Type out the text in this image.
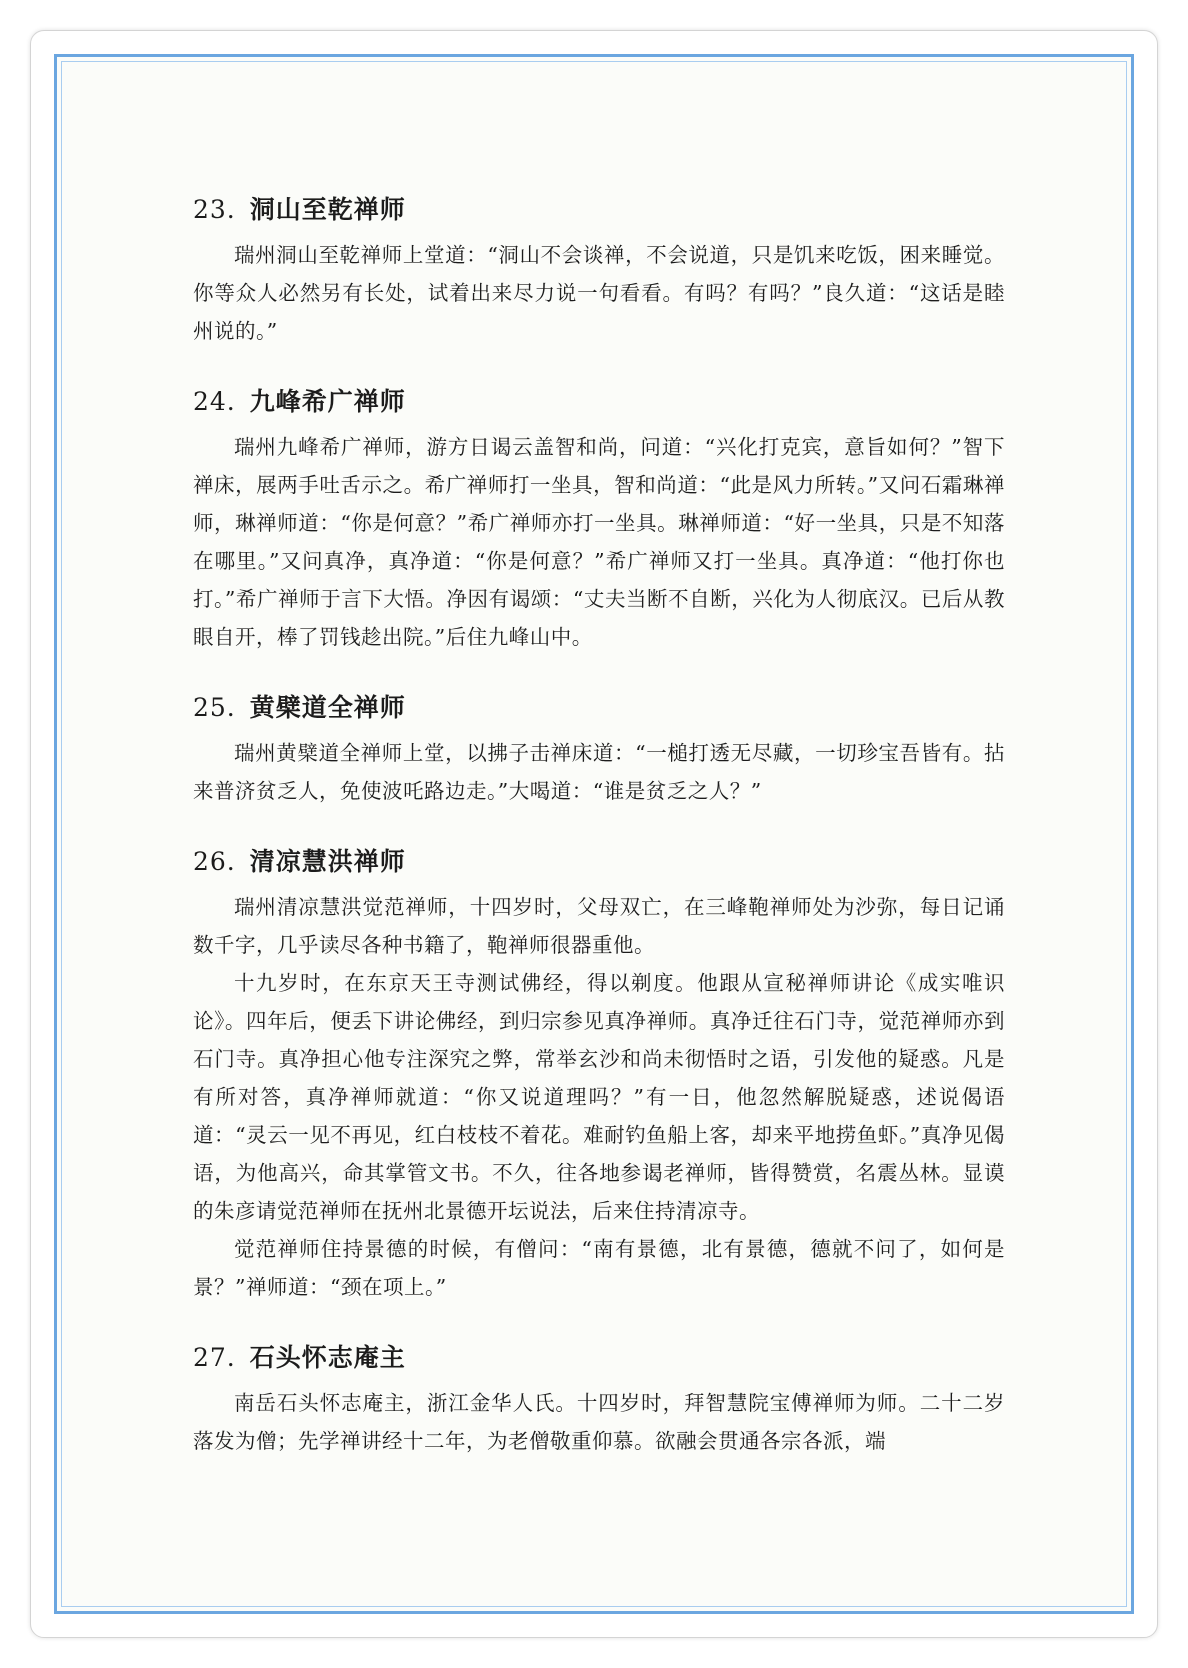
23. 洞山至乾禅师

瑞州洞山至乾禅师上堂道：“洞山不会谈禅，不会说道，只是饥来吃饭，困来睡觉。你等众人必然另有长处，试着出来尽力说一句看看。有吗？有吗？”良久道：“这话是睦州说的。”

24. 九峰希广禅师

瑞州九峰希广禅师，游方日谒云盖智和尚，问道：“兴化打克宾，意旨如何？”智下禅床，展两手吐舌示之。希广禅师打一坐具，智和尚道：“此是风力所转。”又问石霜琳禅师，琳禅师道：“你是何意？”希广禅师亦打一坐具。琳禅师道：“好一坐具，只是不知落在哪里。”又问真净，真净道：“你是何意？”希广禅师又打一坐具。真净道：“他打你也打。”希广禅师于言下大悟。净因有谒颂：“丈夫当断不自断，兴化为人彻底汉。已后从教眼自开，棒了罚钱趁出院。”后住九峰山中。

25. 黄檗道全禅师

瑞州黄檗道全禅师上堂，以拂子击禅床道：“一槌打透无尽藏，一切珍宝吾皆有。拈来普济贫乏人，免使波吒路边走。”大喝道：“谁是贫乏之人？”

26. 清凉慧洪禅师

瑞州清凉慧洪觉范禅师，十四岁时，父母双亡，在三峰鞄禅师处为沙弥，每日记诵数千字，几乎读尽各种书籍了，鞄禅师很器重他。

十九岁时，在东京天王寺测试佛经，得以剃度。他跟从宣秘禅师讲论《成实唯识论》。四年后，便丢下讲论佛经，到归宗参见真净禅师。真净迁往石门寺，觉范禅师亦到石门寺。真净担心他专注深究之弊，常举玄沙和尚未彻悟时之语，引发他的疑惑。凡是有所对答，真净禅师就道：“你又说道理吗？”有一日，他忽然解脱疑惑，述说偈语道：“灵云一见不再见，红白枝枝不着花。难耐钓鱼船上客，却来平地捞鱼虾。”真净见偈语，为他高兴，命其掌管文书。不久，往各地参谒老禅师，皆得赞赏，名震丛林。显谟的朱彦请觉范禅师在抚州北景德开坛说法，后来住持清凉寺。

觉范禅师住持景德的时候，有僧问：“南有景德，北有景德，德就不问了，如何是景？”禅师道：“颈在项上。”

27. 石头怀志庵主

南岳石头怀志庵主，浙江金华人氏。十四岁时，拜智慧院宝傅禅师为师。二十二岁落发为僧；先学禅讲经十二年，为老僧敬重仰慕。欲融会贯通各宗各派，端
